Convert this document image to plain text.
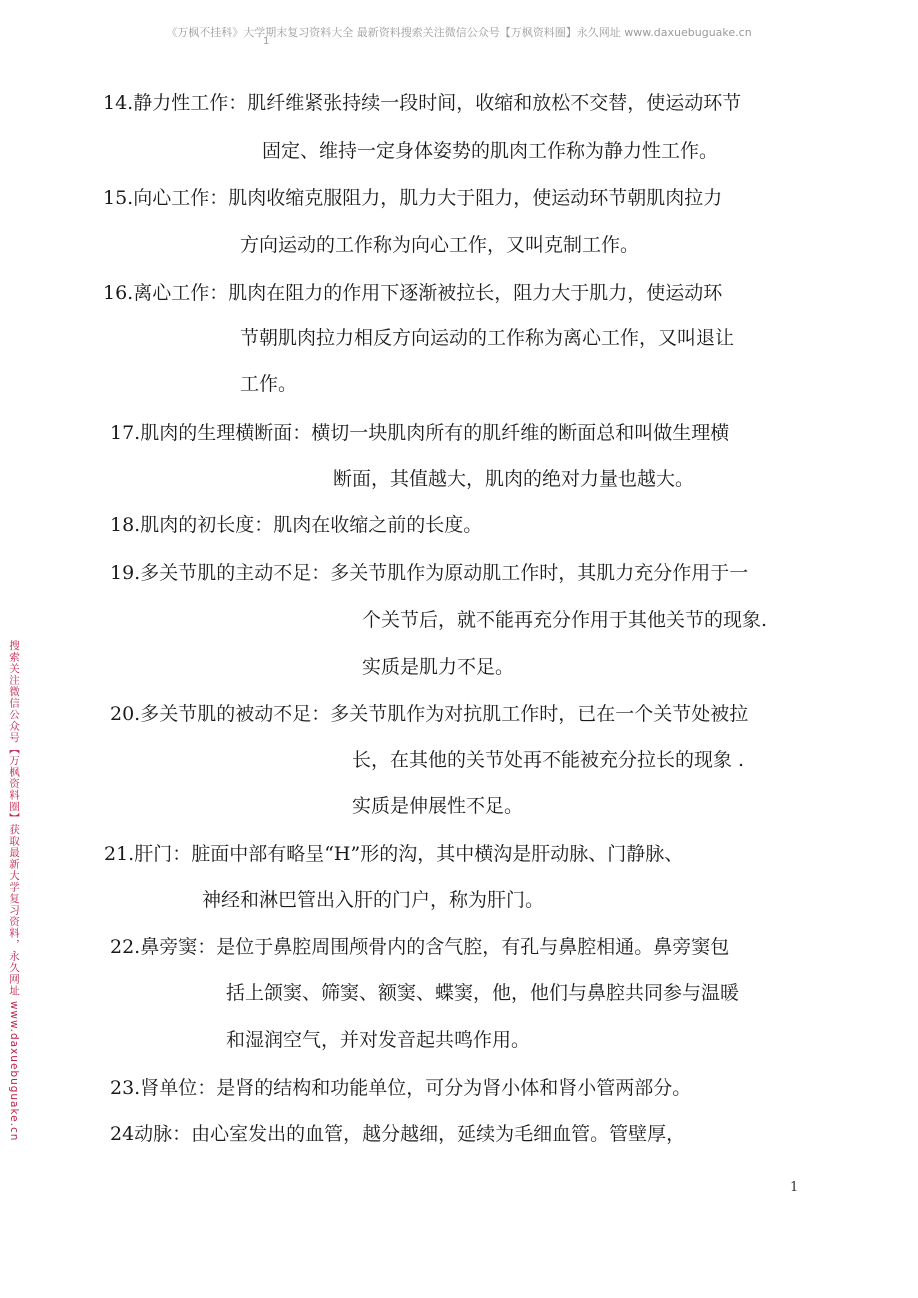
《万枫不挂科》大学期末复习资料大全 最新资料搜索关注微信公众号【万枫资料圈】永久网址 www.daxuebuguake.cn
1
搜索关注微信公众号【万枫资料圈】获取最新大学复习资料，永久网址 www.daxuebuguake.cn
14.静力性工作：肌纤维紧张持续一段时间，收缩和放松不交替，使运动环节
固定、维持一定身体姿势的肌肉工作称为静力性工作。
15.向心工作：肌肉收缩克服阻力，肌力大于阻力，使运动环节朝肌肉拉力
方向运动的工作称为向心工作，又叫克制工作。
16.离心工作：肌肉在阻力的作用下逐渐被拉长，阻力大于肌力，使运动环
节朝肌肉拉力相反方向运动的工作称为离心工作，又叫退让
工作。
17.肌肉的生理横断面：横切一块肌肉所有的肌纤维的断面总和叫做生理横
断面，其值越大，肌肉的绝对力量也越大。
18.肌肉的初长度：肌肉在收缩之前的长度。
19.多关节肌的主动不足：多关节肌作为原动肌工作时，其肌力充分作用于一
个关节后，就不能再充分作用于其他关节的现象.
实质是肌力不足。
20.多关节肌的被动不足：多关节肌作为对抗肌工作时，已在一个关节处被拉
长，在其他的关节处再不能被充分拉长的现象 .
实质是伸展性不足。
21.肝门：脏面中部有略呈“H”形的沟，其中横沟是肝动脉、门静脉、
神经和淋巴管出入肝的门户，称为肝门。
22.鼻旁窦：是位于鼻腔周围颅骨内的含气腔，有孔与鼻腔相通。鼻旁窦包
括上颌窦、筛窦、额窦、蝶窦，他，他们与鼻腔共同参与温暖
和湿润空气，并对发音起共鸣作用。
23.肾单位：是肾的结构和功能单位，可分为肾小体和肾小管两部分。
24动脉：由心室发出的血管，越分越细，延续为毛细血管。管壁厚，
1
